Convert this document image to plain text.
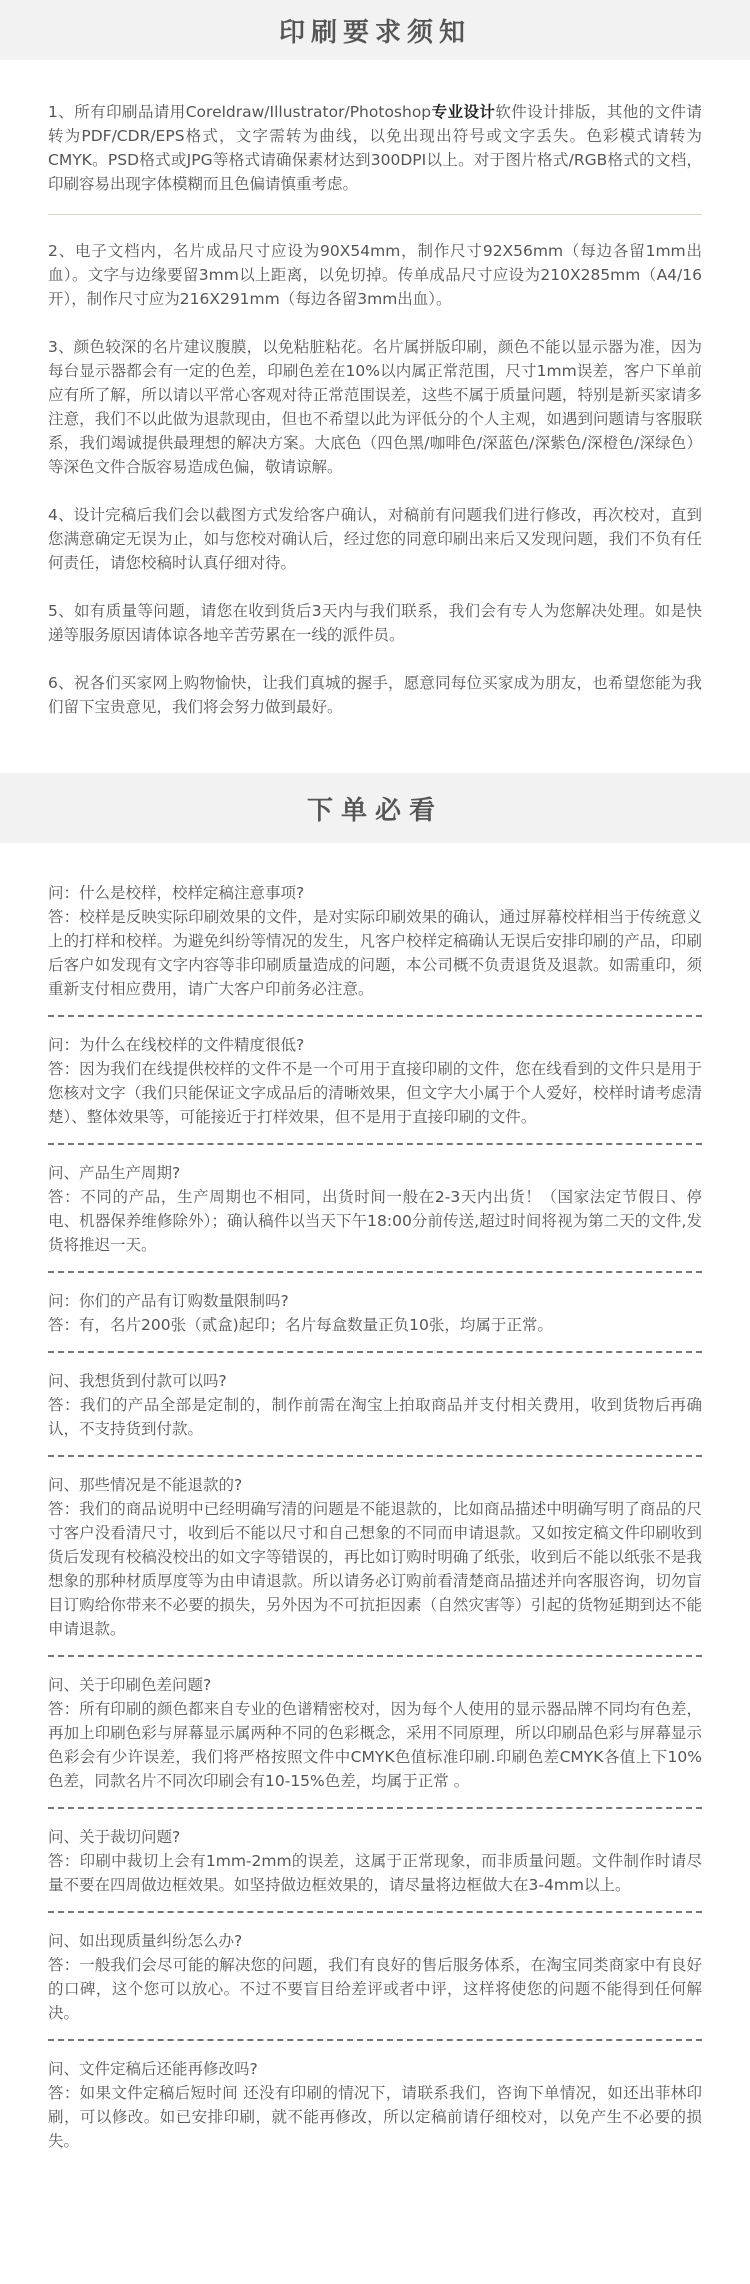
印刷要求须知

1、所有印刷品请用Coreldraw/Illustrator/Photoshop专业设计软件设计排版，其他的文件请转为PDF/CDR/EPS格式，文字需转为曲线，以免出现出符号或文字丢失。色彩模式请转为CMYK。PSD格式或JPG等格式请确保素材达到300DPI以上。对于图片格式/RGB格式的文档，印刷容易出现字体模糊而且色偏请慎重考虑。

2、电子文档内，名片成品尺寸应设为90X54mm，制作尺寸92X56mm（每边各留1mm出血）。文字与边缘要留3mm以上距离，以免切掉。传单成品尺寸应设为210X285mm（A4/16开），制作尺寸应为216X291mm（每边各留3mm出血）。

3、颜色较深的名片建议腹膜，以免粘脏粘花。名片属拼版印刷，颜色不能以显示器为准，因为每台显示器都会有一定的色差，印刷色差在10%以内属正常范围，尺寸1mm误差，客户下单前应有所了解，所以请以平常心客观对待正常范围误差，这些不属于质量问题，特别是新买家请多注意，我们不以此做为退款现由，但也不希望以此为评低分的个人主观，如遇到问题请与客服联系，我们竭诚提供最理想的解决方案。大底色（四色黑/咖啡色/深蓝色/深紫色/深橙色/深绿色）等深色文件合版容易造成色偏，敬请谅解。

4、设计完稿后我们会以截图方式发给客户确认，对稿前有问题我们进行修改，再次校对，直到您满意确定无误为止，如与您校对确认后，经过您的同意印刷出来后又发现问题，我们不负有任何责任，请您校稿时认真仔细对待。

5、如有质量等问题，请您在收到货后3天内与我们联系，我们会有专人为您解决处理。如是快递等服务原因请体谅各地辛苦劳累在一线的派件员。

6、祝各们买家网上购物愉快，让我们真城的握手，愿意同每位买家成为朋友，也希望您能为我们留下宝贵意见，我们将会努力做到最好。

下单必看

问：什么是校样，校样定稿注意事项?

答：校样是反映实际印刷效果的文件，是对实际印刷效果的确认，通过屏幕校样相当于传统意义上的打样和校样。为避免纠纷等情况的发生，凡客户校样定稿确认无误后安排印刷的产品，印刷后客户如发现有文字内容等非印刷质量造成的问题，本公司概不负责退货及退款。如需重印，须重新支付相应费用，请广大客户印前务必注意。

问：为什么在线校样的文件精度很低?

答：因为我们在线提供校样的文件不是一个可用于直接印刷的文件，您在线看到的文件只是用于您核对文字（我们只能保证文字成品后的清晰效果，但文字大小属于个人爱好，校样时请考虑清楚）、整体效果等，可能接近于打样效果，但不是用于直接印刷的文件。

问、产品生产周期?

答：不同的产品，生产周期也不相同，出货时间一般在2-3天内出货！（国家法定节假日、停电、机器保养维修除外）；确认稿件以当天下午18:00分前传送,超过时间将视为第二天的文件,发货将推迟一天。

问：你们的产品有订购数量限制吗?

答：有，名片200张（贰盒)起印；名片每盒数量正负10张，均属于正常。

问、我想货到付款可以吗?

答：我们的产品全部是定制的，制作前需在淘宝上拍取商品并支付相关费用，收到货物后再确认，不支持货到付款。

问、那些情况是不能退款的?

答：我们的商品说明中已经明确写清的问题是不能退款的，比如商品描述中明确写明了商品的尺寸客户没看清尺寸，收到后不能以尺寸和自己想象的不同而申请退款。又如按定稿文件印刷收到货后发现有校稿没校出的如文字等错误的，再比如订购时明确了纸张，收到后不能以纸张不是我想象的那种材质厚度等为由申请退款。所以请务必订购前看清楚商品描述并向客服咨询，切勿盲目订购给你带来不必要的损失，另外因为不可抗拒因素（自然灾害等）引起的货物延期到达不能申请退款。

问、关于印刷色差问题?

答：所有印刷的颜色都来自专业的色谱精密校对，因为每个人使用的显示器品牌不同均有色差，再加上印刷色彩与屏幕显示属两种不同的色彩概念，采用不同原理，所以印刷品色彩与屏幕显示色彩会有少许误差，我们将严格按照文件中CMYK色值标准印刷.印刷色差CMYK各值上下10%色差，同款名片不同次印刷会有10-15%色差，均属于正常 。

问、关于裁切问题?

答：印刷中裁切上会有1mm-2mm的误差，这属于正常现象，而非质量问题。文件制作时请尽量不要在四周做边框效果。如坚持做边框效果的，请尽量将边框做大在3-4mm以上。

问、如出现质量纠纷怎么办?

答：一般我们会尽可能的解决您的问题，我们有良好的售后服务体系，在淘宝同类商家中有良好的口碑，这个您可以放心。不过不要盲目给差评或者中评，这样将使您的问题不能得到任何解决。

问、文件定稿后还能再修改吗?

答：如果文件定稿后短时间 还没有印刷的情况下，请联系我们，咨询下单情况，如还出菲林印刷，可以修改。如已安排印刷，就不能再修改，所以定稿前请仔细校对，以免产生不必要的损失。
